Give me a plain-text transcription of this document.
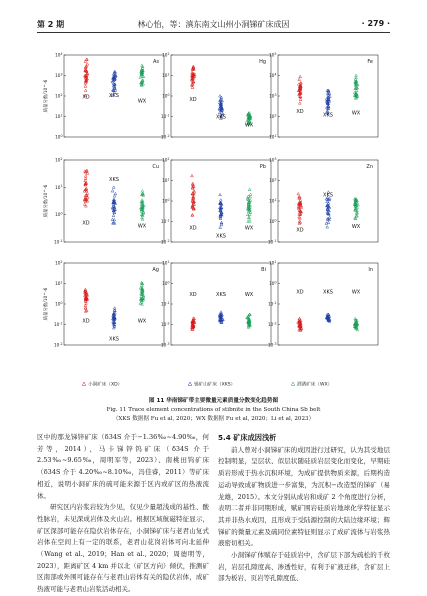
第 2 期	林心怡，等：滇东南文山州小洞锑矿床成因	· 279 ·
$10^4$
$10^3$
$10^2$
$10^1$
$10^0$
As
质量分数/10^-6	XD	XKS
WX
$10^2$
$10^1$
$10^0$
$10^{-1}$
$10^{-2}$
Hg
XD
XKS
WX
$10^5$
$10^4$
$10^3$
$10^2$
$10^1$
Fe
XD
XKS	WX
$10^2$
$10^1$
$10^0$
$10^{-1}$
Cu
质量分数/10^-6
XD
XKS
WX
$10^2$
$10^1$
$10^0$
$10^{-1}$
$10^{-2}$
Pb
XD
XKS
WX
$10^3$
$10^2$
$10^1$
$10^0$
$10^{-1}$
Zn
XD
XKS
WX
$10^2$
$10^1$
$10^0$
$10^{-1}$
$10^{-2}$
Ag
质量分数/10^-6
XD
XKS
WX
$10^1$
$10^0$
$10^{-1}$
$10^{-2}$
$10^{-3}$
Bi
XD	XKS	WX
$10^1$
$10^0$
$10^{-1}$
$10^{-2}$
$10^{-3}$
In
XD	XKS	WX
小洞矿床（XD）	锡矿山矿床（XKS）	洒洒矿床（WX）
图 11 华南锑矿带主要微量元素质量分数变化趋势图
Fig. 11 Trace element concentrations of stibnite in the South China Sb belt
（XKS 数据据 Fu et al, 2020；WX 数据据 Fu et al, 2020；Li et al, 2023）

区中的那龙锑锌矿床（δ34S 介于−1.36‰~4.90‰，何芳等，2014），马卡锑锌钨矿床（δ34S 介于 2.53‰~9.65‰，周明军等，2023）、南桃田钨矿床（δ34S 介于 4.20‰~8.10‰，冯佳睿，2011）等矿床相近，说明小洞矿床的硫可能来源于区内或矿区的热液流体。

研究区内岩浆岩较为少见，仅见少量超浅成的基性、酸性脉岩，未见深成岩体及火山岩。根据区域航磁特征显示，矿区深部可能存在隐伏岩体存在，小洞锑矿床与老君山复式岩体在空间上有一定的联系，老君山花岗岩体可向北延伸（Wang et al., 2019；Han et al., 2020；周德明等，2023），距离矿区 4 km 并以北（矿区方向）倾伏，推测矿区南部或外围可能存在与老君山岩体有关的隐伏岩体，成矿热液可能与老君山岩浆活动相关。

5.4 矿床成因浅析

前人曾对小洞锑矿床的成因进行过研究，认为其受地层控制明显，呈层状、似层状随硅质岩层变化而变化，早期硅质岩形成于热水沉积环境，为成矿提供物质来源，后期构造运动导致成矿物质进一步富集，为沉积−改造型的锑矿（易龙雄，2015）。本文分别从成岩和成矿 2 个角度进行分析，表明二者并非同期形成，赋矿围岩硅质岩地球化学特征显示其并非热水成因，且形成于受陆源控制的大陆边缘环境；辉锑矿的微量元素及硫同位素特征则显示了成矿流体与岩浆热液密切相关。

小洞锑矿体赋存于硅质岩中，含矿层下部为疏松的千枚岩，岩层孔隙度高、渗透性好，有利于矿液迁移，含矿层上部为板岩、页岩等孔隙度低、
